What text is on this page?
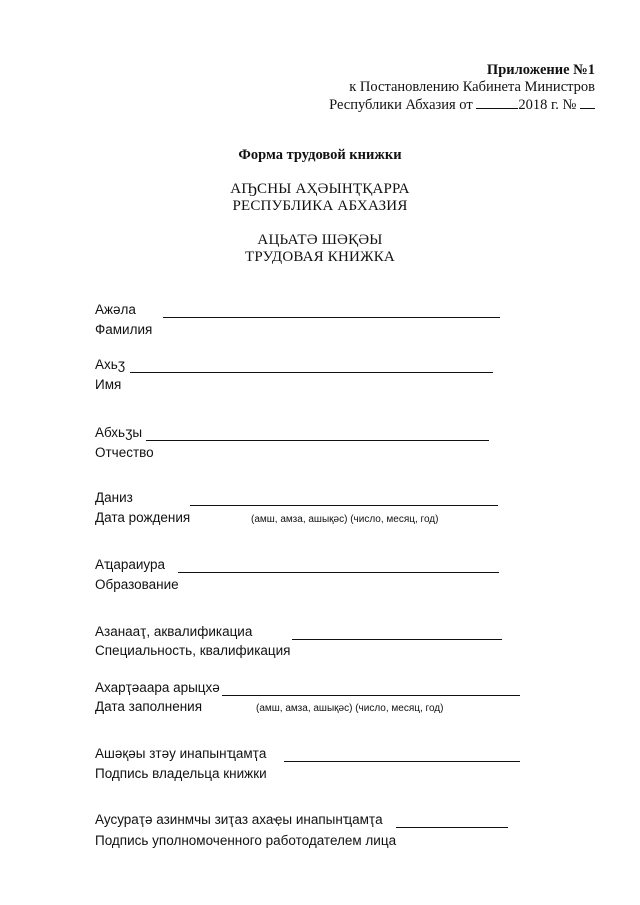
Приложение №1
к Постановлению Кабинета Министров
Республики Абхазия от	2018 г. №
Форма трудовой книжки
АҦСНЫ АҲӘЫНҬҚАРРА
РЕСПУБЛИКА АБХАЗИЯ
АЦЬАТӘ ШӘҚӘЫ
ТРУДОВАЯ КНИЖКА
Ажәла
Фамилия
Ахьӡ
Имя
Абхьӡы
Отчество
Даниз
Дата рождения	(амш, амза, ашықәс) (число, месяц, год)
Аҵараиура
Образование
Азанааҭ, аквалификациа
Специальность, квалификация
Ахарҭәаара арыцхә
Дата заполнения	(амш, амза, ашықәс) (число, месяц, год)
Ашәқәы зтәу инапынҵамҭа
Подпись владельца книжки
Аусураҭә азинмчы зиҭаз ахаҿы инапынҵамҭа
Подпись уполномоченного работодателем лица
